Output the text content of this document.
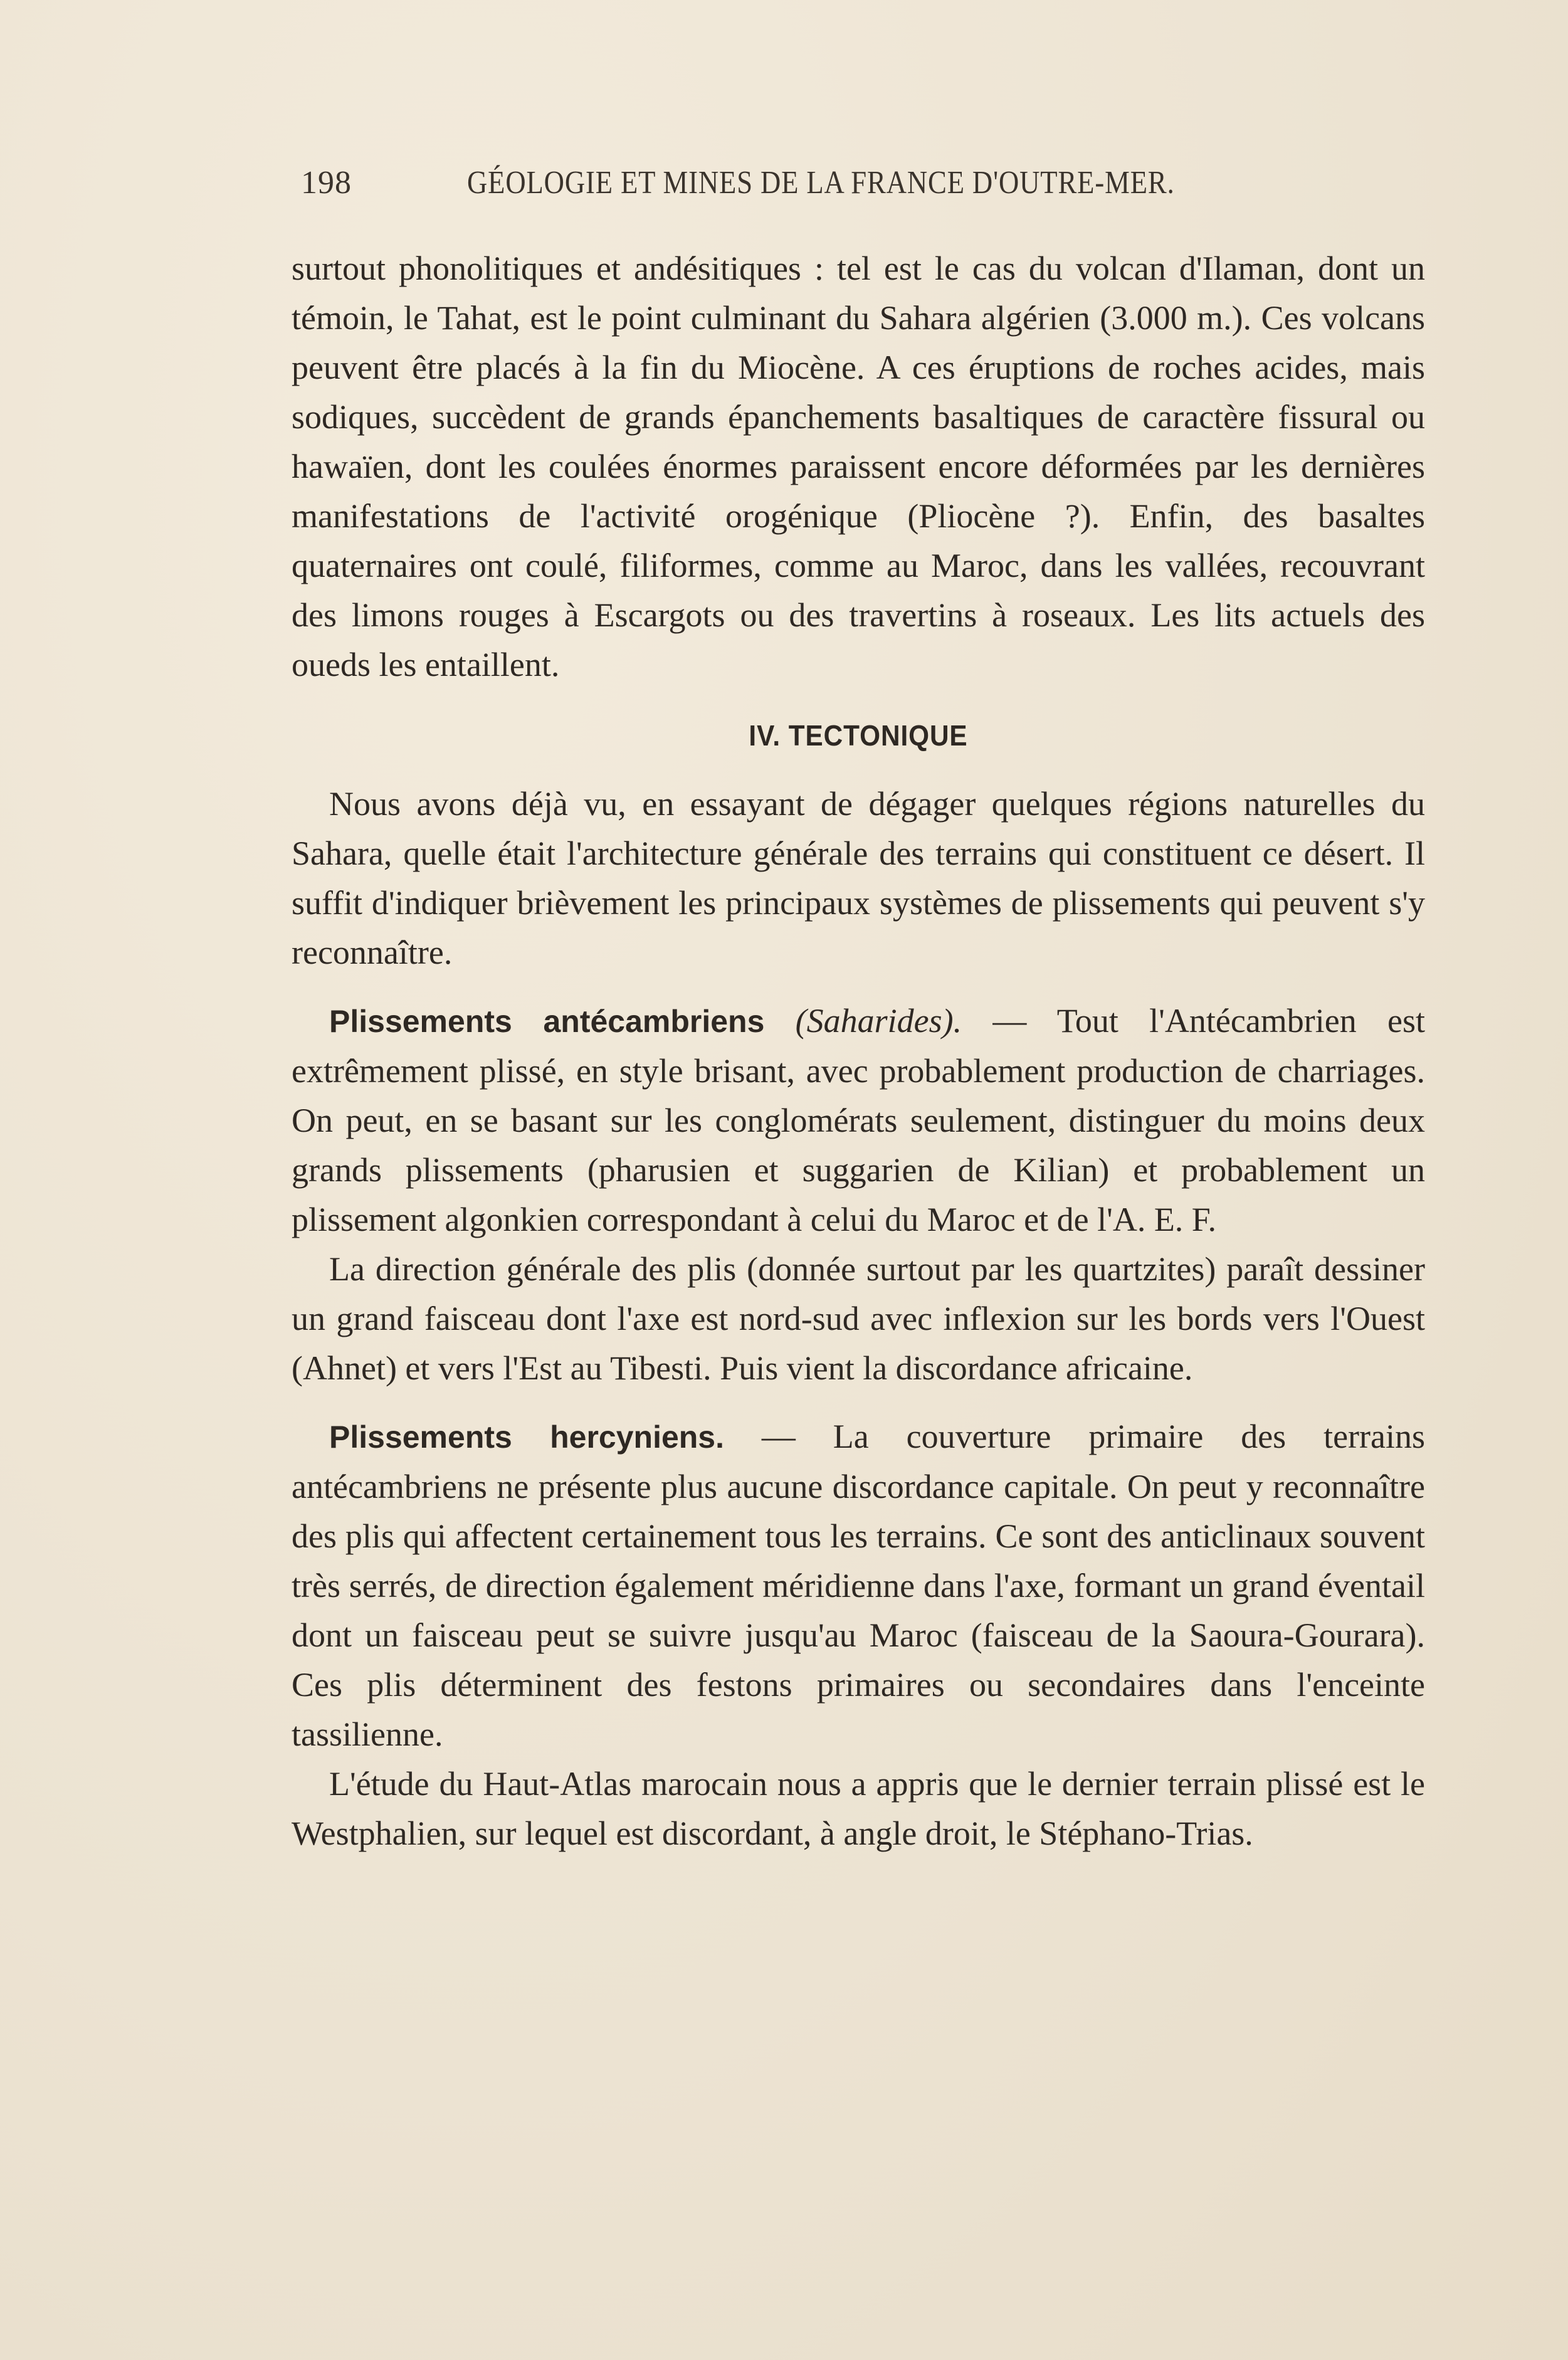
198	GÉOLOGIE ET MINES DE LA FRANCE D'OUTRE-MER.

surtout phonolitiques et andésitiques : tel est le cas du volcan d'Ilaman, dont un témoin, le Tahat, est le point culminant du Sahara algérien (3.000 m.). Ces volcans peuvent être placés à la fin du Miocène. A ces éruptions de roches acides, mais sodiques, succèdent de grands épanchements basaltiques de caractère fissural ou hawaïen, dont les coulées énormes paraissent encore déformées par les dernières manifestations de l'activité orogénique (Pliocène ?). Enfin, des basaltes quaternaires ont coulé, filiformes, comme au Maroc, dans les vallées, recouvrant des limons rouges à Escargots ou des travertins à roseaux. Les lits actuels des oueds les entaillent.

IV. TECTONIQUE

Nous avons déjà vu, en essayant de dégager quelques régions naturelles du Sahara, quelle était l'architecture générale des terrains qui constituent ce désert. Il suffit d'indiquer brièvement les principaux systèmes de plissements qui peuvent s'y reconnaître.

Plissements antécambriens (Saharides). — Tout l'Antécambrien est extrêmement plissé, en style brisant, avec probablement production de charriages. On peut, en se basant sur les conglomérats seulement, distinguer du moins deux grands plissements (pharusien et suggarien de Kilian) et probablement un plissement algonkien correspondant à celui du Maroc et de l'A. E. F.

La direction générale des plis (donnée surtout par les quartzites) paraît dessiner un grand faisceau dont l'axe est nord-sud avec inflexion sur les bords vers l'Ouest (Ahnet) et vers l'Est au Tibesti. Puis vient la discordance africaine.

Plissements hercyniens. — La couverture primaire des terrains antécambriens ne présente plus aucune discordance capitale. On peut y reconnaître des plis qui affectent certainement tous les terrains. Ce sont des anticlinaux souvent très serrés, de direction également méridienne dans l'axe, formant un grand éventail dont un faisceau peut se suivre jusqu'au Maroc (faisceau de la Saoura-Gourara). Ces plis déterminent des festons primaires ou secondaires dans l'enceinte tassilienne.

L'étude du Haut-Atlas marocain nous a appris que le dernier terrain plissé est le Westphalien, sur lequel est discordant, à angle droit, le Stéphano-Trias.
